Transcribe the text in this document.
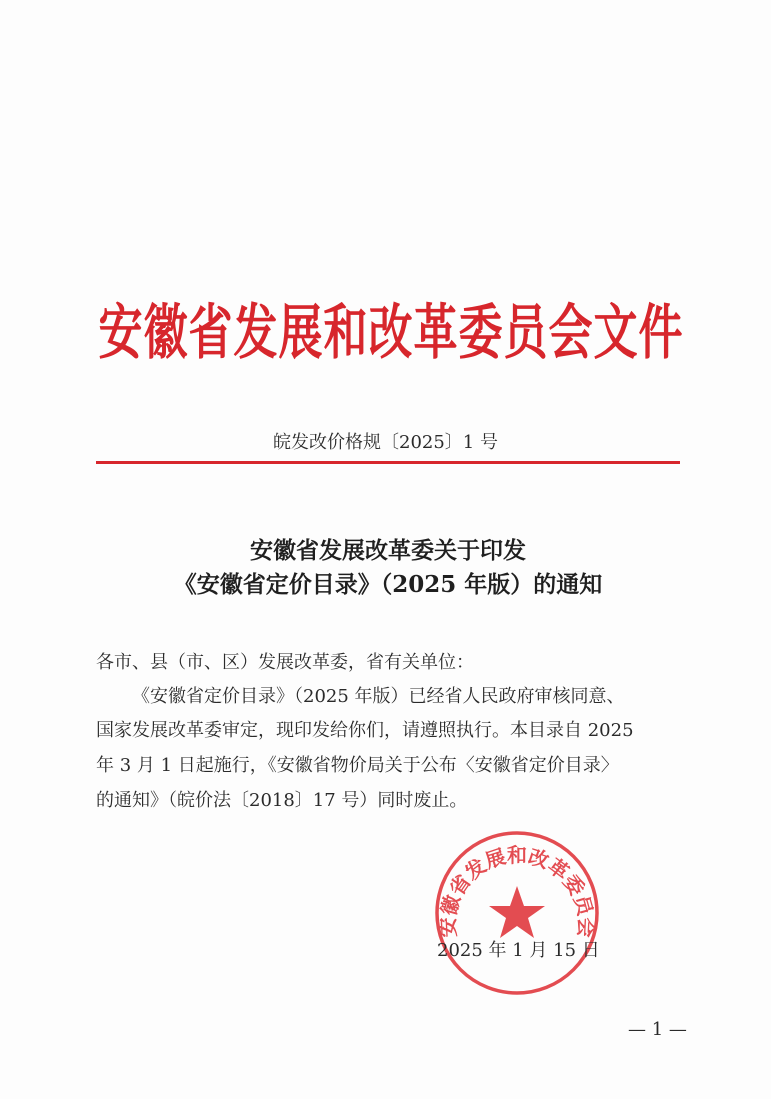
安徽省发展和改革委员会文件
皖发改价格规〔2025〕1 号
安徽省发展改革委关于印发
《安徽省定价目录》（2025 年版）的通知
各市、县（市、区）发展改革委，省有关单位：
《安徽省定价目录》（2025 年版）已经省人民政府审核同意、
国家发展改革委审定，现印发给你们，请遵照执行。本目录自 2025
年 3 月 1 日起施行，《安徽省物价局关于公布〈安徽省定价目录〉
的通知》（皖价法〔2018〕17 号）同时废止。
安徽省发展和改革委员会
2025 年 1 月 15 日
— 1 —
